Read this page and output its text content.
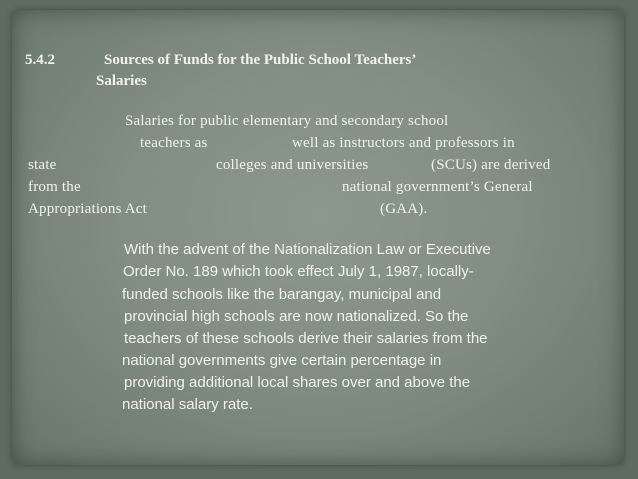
5.4.2	Sources of Funds for the Public School Teachers’
Salaries
Salaries for public elementary and secondary school
teachers as	well as instructors and professors in
state	colleges and universities	(SCUs) are derived
from the	national government’s General
Appropriations Act	(GAA).
With the advent of the Nationalization Law or Executive
Order No. 189 which took effect July 1, 1987, locally-
funded schools like the barangay, municipal and
provincial high schools are now nationalized. So the
teachers of these schools derive their salaries from the
national governments give certain percentage in
providing additional local shares over and above the
national salary rate.
